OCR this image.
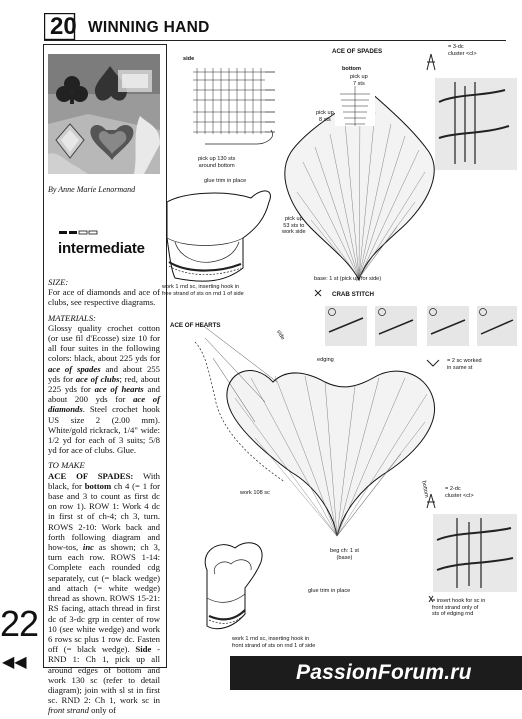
22
◀◀
20 WINNING HAND
By Anne Marie Lenormand
intermediate

SIZE:

For ace of diamonds and ace of clubs, see respective diagrams.

MATERIALS:

Glossy quality crochet cotton (or use fil d'Ecosse) size 10 for all four suites in the following colors: black, about 225 yds for ace of spades and about 255 yds for ace of clubs; red, about 225 yds for ace of hearts and about 200 yds for ace of diamonds. Steel crochet hook US size 2 (2.00 mm). White/gold rickrack, 1/4" wide: 1/2 yd for each of 3 suits; 5/8 yd for ace of clubs. Glue.

TO MAKE

ACE OF SPADES: With black, for bottom ch 4 (= 1 for base and 3 to count as first dc on row 1). ROW 1: Work 4 dc in first st of ch-4; ch 3, turn. ROWS 2-10: Work back and forth following diagram and how-tos, inc as shown; ch 3, turn each row. ROWS 1-14: Complete each rounded cdg separately, cut (= black wedge) and attach (= white wedge) thread as shown. ROWS 15-21: RS facing, attach thread in first dc of 3-dc grp in center of row 10 (see white wedge) and work 6 rows sc plus 1 row dc. Fasten off (= black wedge). Side - RND 1: Ch 1, pick up all around edges of bottom and work 130 sc (refer to detail diagram); join with sl st in first sc. RND 2: Ch 1, work sc in front strand only of

side
ACE OF SPADES
bottom
pick up
7 sts
pick up
8 sts
pick up 130 sts
around bottom
glue trim in place
pick up
53 sts to
work side
work 1 rnd sc, inserting hook in
free strand of sts on rnd 1 of side
base: 1 st (pick up for side)
CRAB STITCH
= 3-dc
cluster <cl>
= 2 sc worked
in same st
= 2-dc
cluster <cl>
= insert hook for sc in
front strand only of
sts of edging rnd
ACE OF HEARTS
edging
side
bottom
work 108 sc
beg ch: 1 st
(base)
glue trim in place
work 1 rnd sc, inserting hook in
front strand of sts on rnd 1 of side
PassionForum.ru
